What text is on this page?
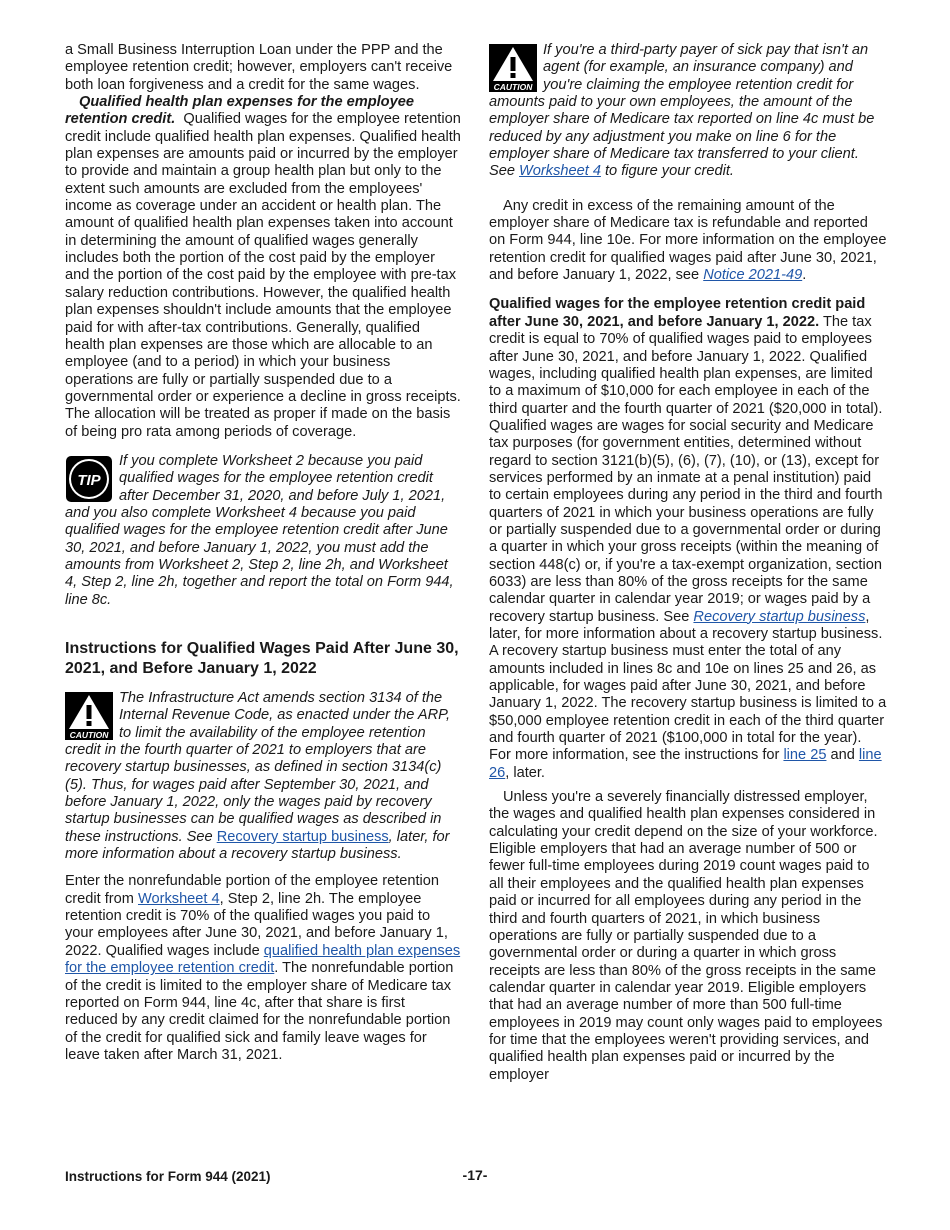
a Small Business Interruption Loan under the PPP and the employee retention credit; however, employers can't receive both loan forgiveness and a credit for the same wages.

Qualified health plan expenses for the employee retention credit. Qualified wages for the employee retention credit include qualified health plan expenses. Qualified health plan expenses are amounts paid or incurred by the employer to provide and maintain a group health plan but only to the extent such amounts are excluded from the employees' income as coverage under an accident or health plan. The amount of qualified health plan expenses taken into account in determining the amount of qualified wages generally includes both the portion of the cost paid by the employer and the portion of the cost paid by the employee with pre-tax salary reduction contributions. However, the qualified health plan expenses shouldn't include amounts that the employee paid for with after-tax contributions. Generally, qualified health plan expenses are those which are allocable to an employee (and to a period) in which your business operations are fully or partially suspended due to a governmental order or experience a decline in gross receipts. The allocation will be treated as proper if made on the basis of being pro rata among periods of coverage.

TIP
If you complete Worksheet 2 because you paid qualified wages for the employee retention credit after December 31, 2020, and before July 1, 2021, and you also complete Worksheet 4 because you paid qualified wages for the employee retention credit after June 30, 2021, and before January 1, 2022, you must add the amounts from Worksheet 2, Step 2, line 2h, and Worksheet 4, Step 2, line 2h, together and report the total on Form 944, line 8c.

Instructions for Qualified Wages Paid After June 30, 2021, and Before January 1, 2022

CAUTION
The Infrastructure Act amends section 3134 of the Internal Revenue Code, as enacted under the ARP, to limit the availability of the employee retention credit in the fourth quarter of 2021 to employers that are recovery startup businesses, as defined in section 3134(c)(5). Thus, for wages paid after September 30, 2021, and before January 1, 2022, only the wages paid by recovery startup businesses can be qualified wages as described in these instructions. See Recovery startup business, later, for more information about a recovery startup business.

Enter the nonrefundable portion of the employee retention credit from Worksheet 4, Step 2, line 2h. The employee retention credit is 70% of the qualified wages you paid to your employees after June 30, 2021, and before January 1, 2022. Qualified wages include qualified health plan expenses for the employee retention credit. The nonrefundable portion of the credit is limited to the employer share of Medicare tax reported on Form 944, line 4c, after that share is first reduced by any credit claimed for the nonrefundable portion of the credit for qualified sick and family leave wages for leave taken after March 31, 2021.

CAUTION
If you're a third-party payer of sick pay that isn't an agent (for example, an insurance company) and you're claiming the employee retention credit for amounts paid to your own employees, the amount of the employer share of Medicare tax reported on line 4c must be reduced by any adjustment you make on line 6 for the employer share of Medicare tax transferred to your client. See Worksheet 4 to figure your credit.

Any credit in excess of the remaining amount of the employer share of Medicare tax is refundable and reported on Form 944, line 10e. For more information on the employee retention credit for qualified wages paid after June 30, 2021, and before January 1, 2022, see Notice 2021-49.

Qualified wages for the employee retention credit paid after June 30, 2021, and before January 1, 2022. The tax credit is equal to 70% of qualified wages paid to employees after June 30, 2021, and before January 1, 2022. Qualified wages, including qualified health plan expenses, are limited to a maximum of $10,000 for each employee in each of the third quarter and the fourth quarter of 2021 ($20,000 in total). Qualified wages are wages for social security and Medicare tax purposes (for government entities, determined without regard to section 3121(b)(5), (6), (7), (10), or (13), except for services performed by an inmate at a penal institution) paid to certain employees during any period in the third and fourth quarters of 2021 in which your business operations are fully or partially suspended due to a governmental order or during a quarter in which your gross receipts (within the meaning of section 448(c) or, if you're a tax-exempt organization, section 6033) are less than 80% of the gross receipts for the same calendar quarter in calendar year 2019; or wages paid by a recovery startup business. See Recovery startup business, later, for more information about a recovery startup business. A recovery startup business must enter the total of any amounts included in lines 8c and 10e on lines 25 and 26, as applicable, for wages paid after June 30, 2021, and before January 1, 2022. The recovery startup business is limited to a $50,000 employee retention credit in each of the third quarter and fourth quarter of 2021 ($100,000 in total for the year). For more information, see the instructions for line 25 and line 26, later.

Unless you're a severely financially distressed employer, the wages and qualified health plan expenses considered in calculating your credit depend on the size of your workforce. Eligible employers that had an average number of 500 or fewer full-time employees during 2019 count wages paid to all their employees and the qualified health plan expenses paid or incurred for all employees during any period in the third and fourth quarters of 2021, in which business operations are fully or partially suspended due to a governmental order or during a quarter in which gross receipts are less than 80% of the gross receipts in the same calendar quarter in calendar year 2019. Eligible employers that had an average number of more than 500 full-time employees in 2019 may count only wages paid to employees for time that the employees weren't providing services, and qualified health plan expenses paid or incurred by the employer

Instructions for Form 944 (2021)	-17-
